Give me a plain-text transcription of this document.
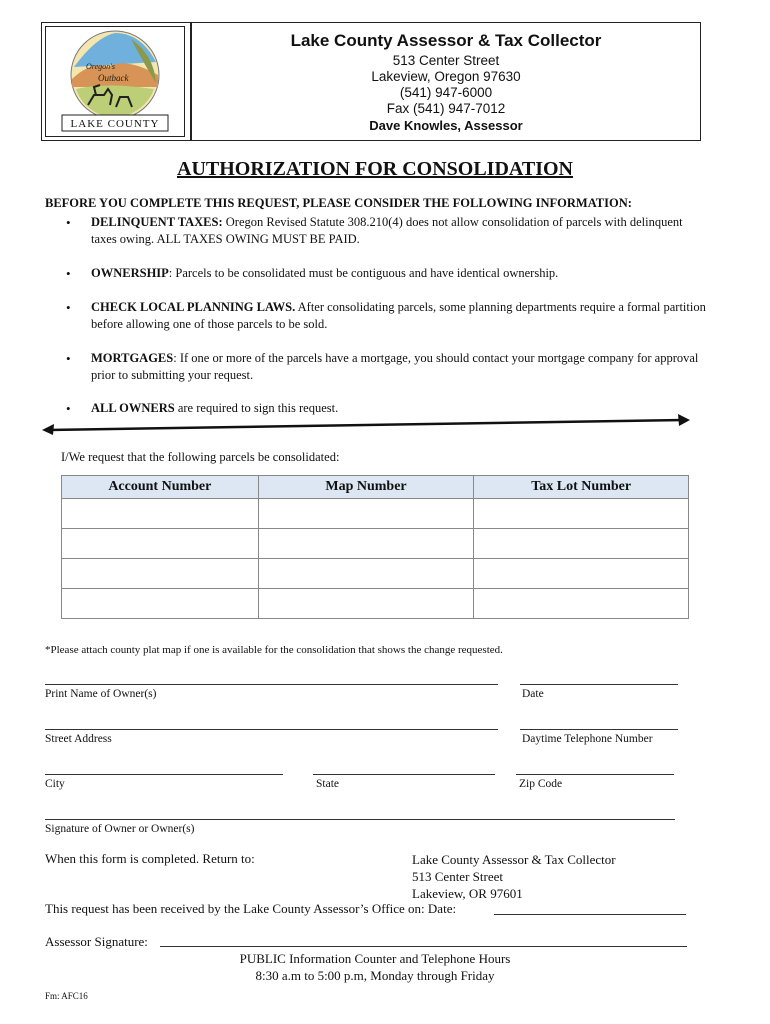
Oregon's
Outback
LAKE COUNTY
Lake County Assessor & Tax Collector
513 Center Street
Lakeview, Oregon 97630
(541) 947-6000
Fax (541) 947-7012
Dave Knowles, Assessor
AUTHORIZATION FOR CONSOLIDATION
BEFORE YOU COMPLETE THIS REQUEST, PLEASE CONSIDER THE FOLLOWING INFORMATION:
• DELINQUENT TAXES: Oregon Revised Statute 308.210(4) does not allow consolidation of parcels with delinquent taxes owing. ALL TAXES OWING MUST BE PAID.
• OWNERSHIP: Parcels to be consolidated must be contiguous and have identical ownership.
• CHECK LOCAL PLANNING LAWS. After consolidating parcels, some planning departments require a formal partition before allowing one of those parcels to be sold.
• MORTGAGES: If one or more of the parcels have a mortgage, you should contact your mortgage company for approval prior to submitting your request.
• ALL OWNERS are required to sign this request.
I/We request that the following parcels be consolidated:
Account Number	Map Number	Tax Lot Number

*Please attach county plat map if one is available for the consolidation that shows the change requested.
Print Name of Owner(s)	Date
Street Address	Daytime Telephone Number
City	State	Zip Code
Signature of Owner or Owner(s)
When this form is completed. Return to:	Lake County Assessor & Tax Collector
513 Center Street
Lakeview, OR 97601
This request has been received by the Lake County Assessor’s Office on: Date:
Assessor Signature:
PUBLIC Information Counter and Telephone Hours
8:30 a.m to 5:00 p.m, Monday through Friday
Fm: AFC16
